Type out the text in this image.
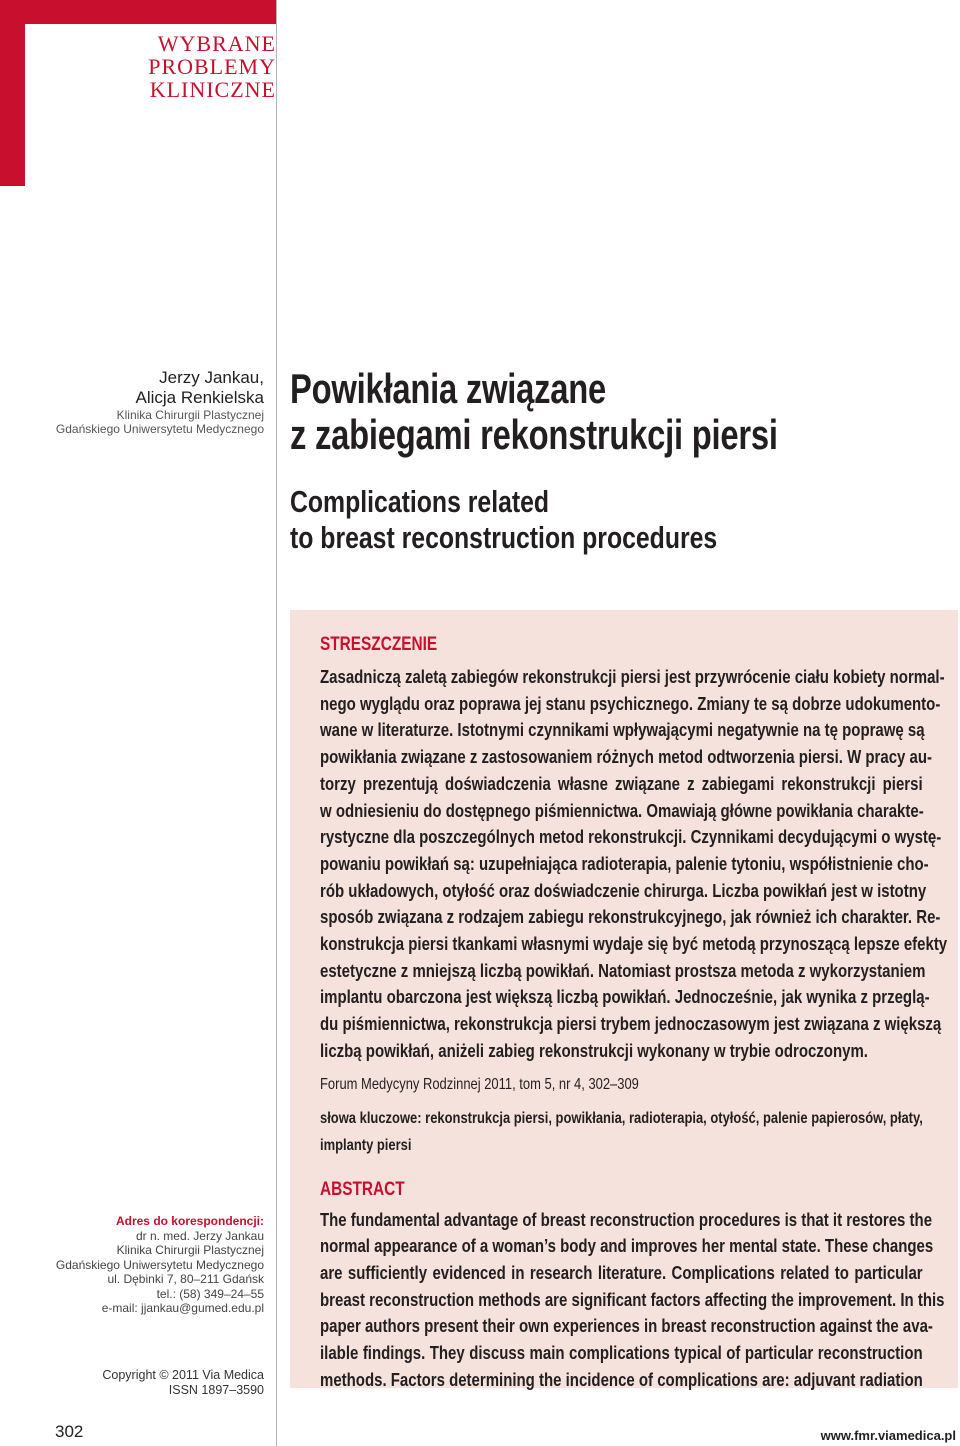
WYBRANE
PROBLEMY
KLINICZNE
Jerzy Jankau,
Alicja Renkielska
Klinika Chirurgii Plastycznej
Gdańskiego Uniwersytetu Medycznego
Powikłania związane
z zabiegami rekonstrukcji piersi
Complications related
to breast reconstruction procedures
STRESZCZENIE
Zasadniczą zaletą zabiegów rekonstrukcji piersi jest przywrócenie ciału kobiety normal-
nego wyglądu oraz poprawa jej stanu psychicznego. Zmiany te są dobrze udokumento-
wane w literaturze. Istotnymi czynnikami wpływającymi negatywnie na tę poprawę są
powikłania związane z zastosowaniem różnych metod odtworzenia piersi. W pracy au-
torzy prezentują doświadczenia własne związane z zabiegami rekonstrukcji piersi
w odniesieniu do dostępnego piśmiennictwa. Omawiają główne powikłania charakte-
rystyczne dla poszczególnych metod rekonstrukcji. Czynnikami decydującymi o wystę-
powaniu powikłań są: uzupełniająca radioterapia, palenie tytoniu, współistnienie cho-
rób układowych, otyłość oraz doświadczenie chirurga. Liczba powikłań jest w istotny
sposób związana z rodzajem zabiegu rekonstrukcyjnego, jak również ich charakter. Re-
konstrukcja piersi tkankami własnymi wydaje się być metodą przynoszącą lepsze efekty
estetyczne z mniejszą liczbą powikłań. Natomiast prostsza metoda z wykorzystaniem
implantu obarczona jest większą liczbą powikłań. Jednocześnie, jak wynika z przeglą-
du piśmiennictwa, rekonstrukcja piersi trybem jednoczasowym jest związana z większą
liczbą powikłań, aniżeli zabieg rekonstrukcji wykonany w trybie odroczonym.
Forum Medycyny Rodzinnej 2011, tom 5, nr 4, 302–309
słowa kluczowe: rekonstrukcja piersi, powikłania, radioterapia, otyłość, palenie papierosów, płaty,
implanty piersi
ABSTRACT
The fundamental advantage of breast reconstruction procedures is that it restores the
normal appearance of a woman’s body and improves her mental state. These changes
are sufficiently evidenced in research literature. Complications related to particular
breast reconstruction methods are significant factors affecting the improvement. In this
paper authors present their own experiences in breast reconstruction against the ava-
ilable findings. They discuss main complications typical of particular reconstruction
methods. Factors determining the incidence of complications are: adjuvant radiation
Adres do korespondencji:
dr n. med. Jerzy Jankau
Klinika Chirurgii Plastycznej
Gdańskiego Uniwersytetu Medycznego
ul. Dębinki 7, 80–211 Gdańsk
tel.: (58) 349–24–55
e-mail: jjankau@gumed.edu.pl
Copyright © 2011 Via Medica
ISSN 1897–3590
302	www.fmr.viamedica.pl
